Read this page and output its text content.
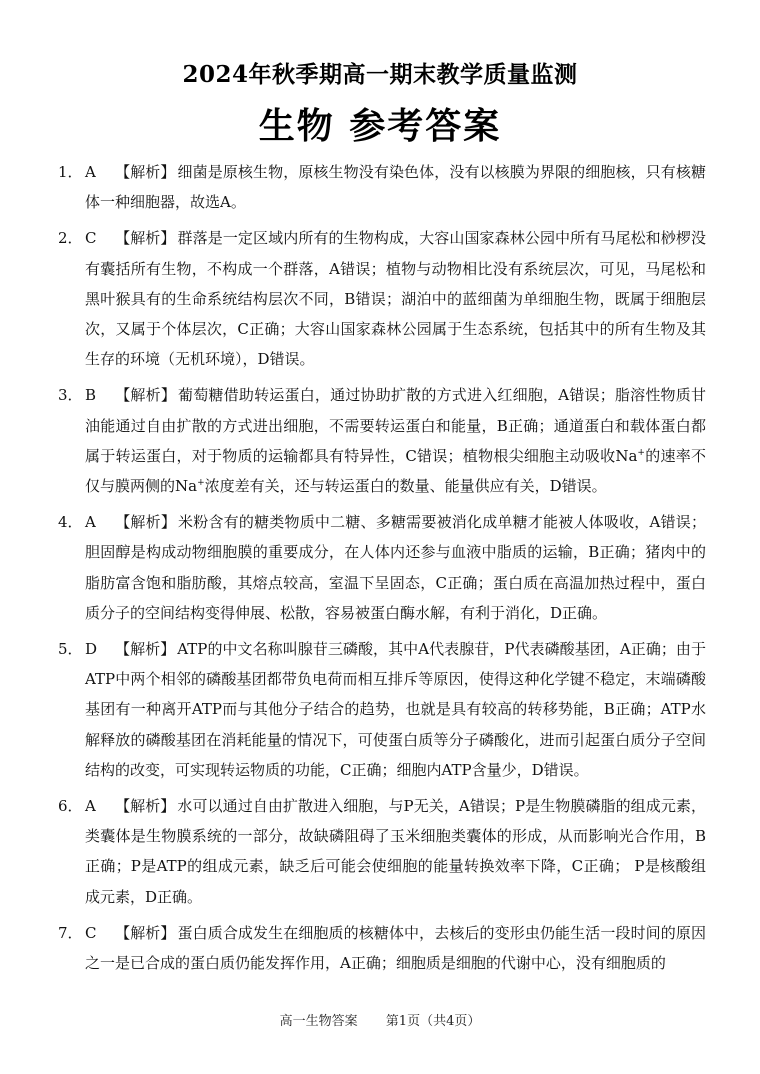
2024年秋季期高一期末教学质量监测
生物 参考答案
1． A 【解析】 细菌是原核生物，原核生物没有染色体，没有以核膜为界限的细胞核，只有核糖体一种细胞器，故选A。
2． C 【解析】 群落是一定区域内所有的生物构成，大容山国家森林公园中所有马尾松和桫椤没有囊括所有生物，不构成一个群落，A错误；植物与动物相比没有系统层次，可见，马尾松和黑叶猴具有的生命系统结构层次不同，B错误；湖泊中的蓝细菌为单细胞生物，既属于细胞层次，又属于个体层次，C正确；大容山国家森林公园属于生态系统，包括其中的所有生物及其生存的环境（无机环境），D错误。
3． B 【解析】 葡萄糖借助转运蛋白，通过协助扩散的方式进入红细胞，A错误；脂溶性物质甘油能通过自由扩散的方式进出细胞，不需要转运蛋白和能量，B正确；通道蛋白和载体蛋白都属于转运蛋白，对于物质的运输都具有特异性，C错误；植物根尖细胞主动吸收Na+的速率不仅与膜两侧的Na+浓度差有关，还与转运蛋白的数量、能量供应有关，D错误。
4． A 【解析】 米粉含有的糖类物质中二糖、多糖需要被消化成单糖才能被人体吸收，A错误；胆固醇是构成动物细胞膜的重要成分，在人体内还参与血液中脂质的运输，B正确；猪肉中的脂肪富含饱和脂肪酸，其熔点较高，室温下呈固态，C正确；蛋白质在高温加热过程中，蛋白质分子的空间结构变得伸展、松散，容易被蛋白酶水解，有利于消化，D正确。
5． D 【解析】 ATP的中文名称叫腺苷三磷酸，其中A代表腺苷，P代表磷酸基团，A正确；由于ATP中两个相邻的磷酸基团都带负电荷而相互排斥等原因，使得这种化学键不稳定，末端磷酸基团有一种离开ATP而与其他分子结合的趋势，也就是具有较高的转移势能，B正确；ATP水解释放的磷酸基团在消耗能量的情况下，可使蛋白质等分子磷酸化，进而引起蛋白质分子空间结构的改变，可实现转运物质的功能，C正确；细胞内ATP含量少，D错误。
6． A 【解析】 水可以通过自由扩散进入细胞，与P无关，A错误；P是生物膜磷脂的组成元素，类囊体是生物膜系统的一部分，故缺磷阻碍了玉米细胞类囊体的形成，从而影响光合作用，B正确；P是ATP的组成元素，缺乏后可能会使细胞的能量转换效率下降，C正确； P是核酸组成元素，D正确。
7． C 【解析】 蛋白质合成发生在细胞质的核糖体中，去核后的变形虫仍能生活一段时间的原因之一是已合成的蛋白质仍能发挥作用，A正确；细胞质是细胞的代谢中心，没有细胞质的
高一生物答案 第1页（共4页）
